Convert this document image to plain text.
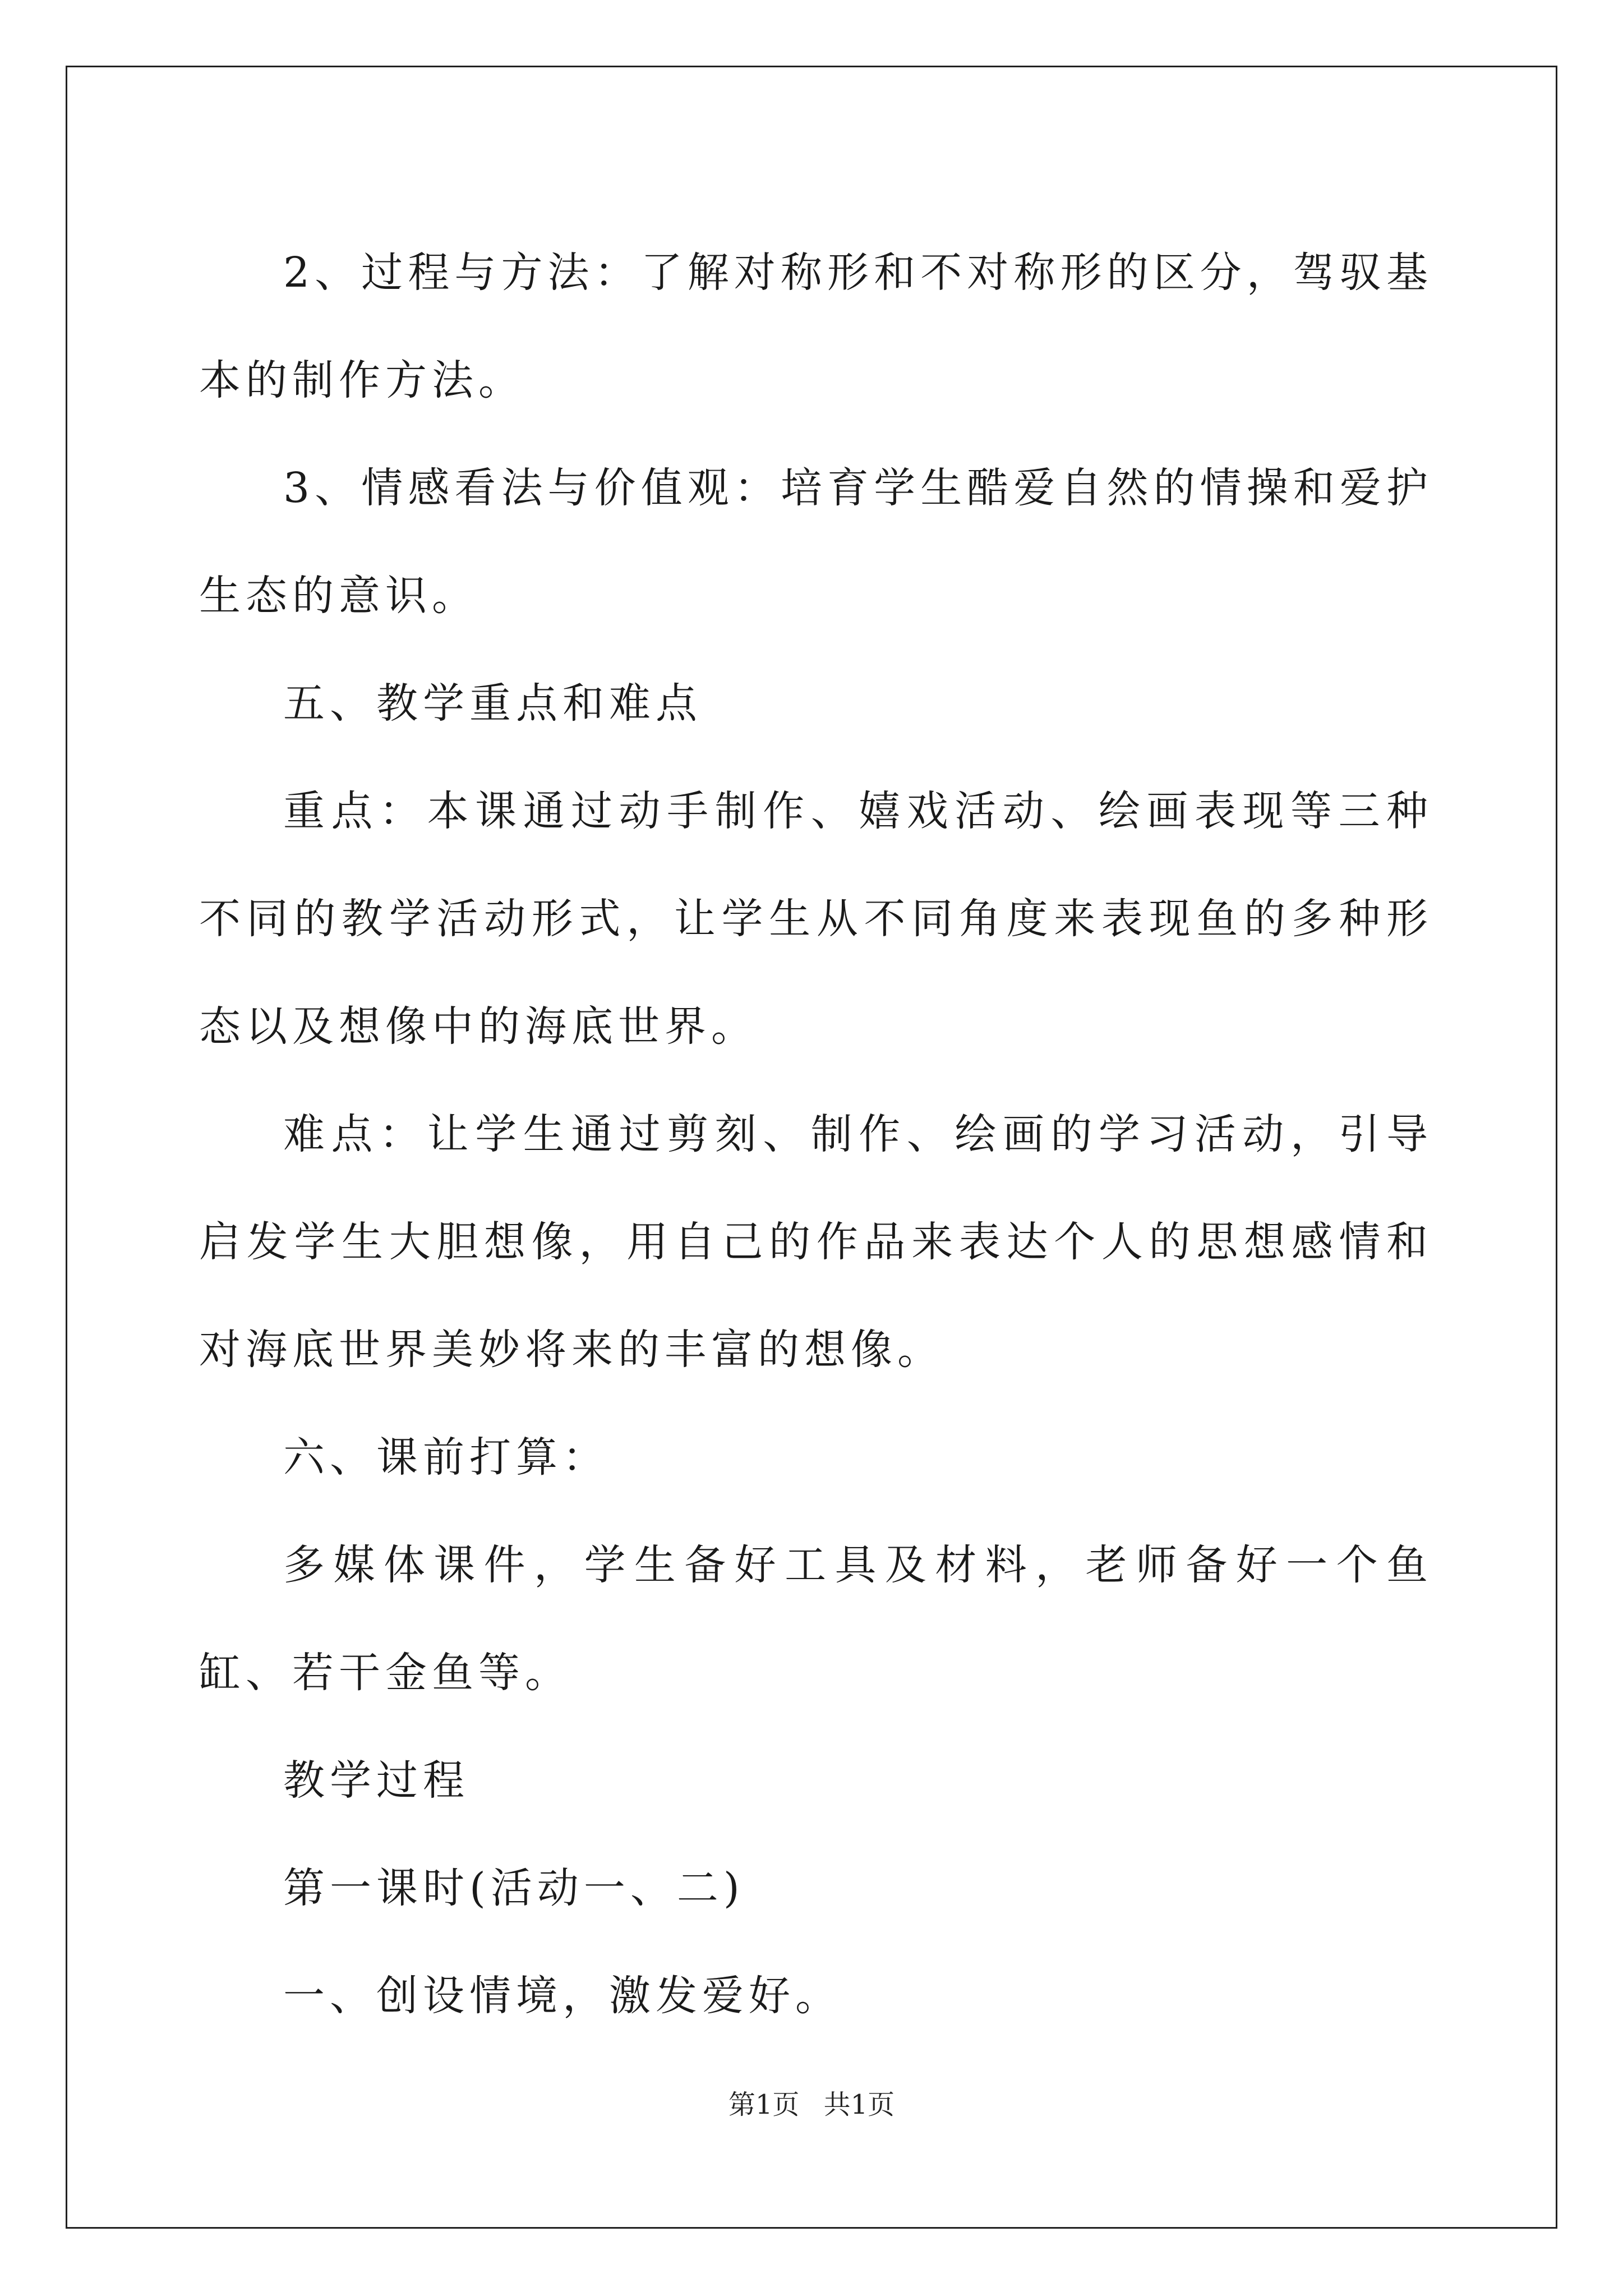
2、过程与方法：了解对称形和不对称形的区分，驾驭基本的制作方法。

3、情感看法与价值观：培育学生酷爱自然的情操和爱护生态的意识。

五、教学重点和难点

重点：本课通过动手制作、嬉戏活动、绘画表现等三种不同的教学活动形式，让学生从不同角度来表现鱼的多种形态以及想像中的海底世界。

难点：让学生通过剪刻、制作、绘画的学习活动，引导启发学生大胆想像，用自己的作品来表达个人的思想感情和对海底世界美妙将来的丰富的想像。

六、课前打算：

多媒体课件，学生备好工具及材料，老师备好一个鱼缸、若干金鱼等。

教学过程

第一课时(活动一、二)

一、创设情境，激发爱好。

第1页 共1页
